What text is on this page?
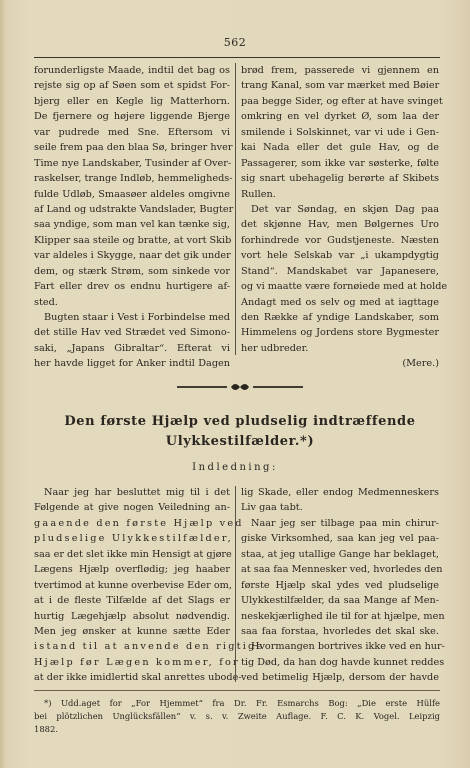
562
forunderligste Maade, indtil det bag os
rejste sig op af Søen som et spidst For-
bjerg eller en Kegle lig Matterhorn.
De fjernere og højere liggende Bjerge
var pudrede med Sne. Eftersom vi
seile frem paa den blaa Sø, bringer hver
Time nye Landskaber, Tusinder af Over-
raskelser, trange Indløb, hemmeligheds-
fulde Udløb, Smaasøer aldeles omgivne
af Land og udstrakte Vandslader, Bugter
saa yndige, som man vel kan tænke sig,
Klipper saa steile og bratte, at vort Skib
var aldeles i Skygge, naar det gik under
dem, og stærk Strøm, som sinkede vor
Fart eller drev os endnu hurtigere af-
sted.
Bugten staar i Vest i Forbindelse med
det stille Hav ved Strædet ved Simono-
saki, „Japans Gibraltar“. Efterat vi
her havde ligget for Anker indtil Dagen
brød frem, passerede vi gjennem en
trang Kanal, som var mærket med Bøier
paa begge Sider, og efter at have svinget
omkring en vel dyrket Ø, som laa der
smilende i Solskinnet, var vi ude i Gen-
kai Nada eller det gule Hav, og de
Passagerer, som ikke var søsterke, følte
sig snart ubehagelig berørte af Skibets
Rullen.
Det var Søndag, en skjøn Dag paa
det skjønne Hav, men Bølgernes Uro
forhindrede vor Gudstjeneste. Næsten
vort hele Selskab var „i ukampdygtig
Stand“. Mandskabet var Japanesere,
og vi maatte være fornøiede med at holde
Andagt med os selv og med at iagttage
den Række af yndige Landskaber, som
Himmelens og Jordens store Bygmester
her udbreder.
(Mere.)
Den første Hjælp ved pludselig indtræffende
Ulykkestilfælder.*)
Indledning:
Naar jeg har besluttet mig til i det
Følgende at give nogen Veiledning an-
gaaende den første Hjælp ved
pludselige Ulykkestilfælder,
saa er det slet ikke min Hensigt at gjøre
Lægens Hjælp overflødig; jeg haaber
tvertimod at kunne overbevise Eder om,
at i de fleste Tilfælde af det Slags er
hurtig Lægehjælp absolut nødvendig.
Men jeg ønsker at kunne sætte Eder
istand til at anvende den rigtige
Hjælp før Lægen kommer, for
at der ikke imidlertid skal anrettes ubode-
lig Skade, eller endog Medmenneskers
Liv gaa tabt.
Naar jeg ser tilbage paa min chirur-
giske Virksomhed, saa kan jeg vel paa-
staa, at jeg utallige Gange har beklaget,
at saa faa Mennesker ved, hvorledes den
første Hjælp skal ydes ved pludselige
Ulykkestilfælder, da saa Mange af Men-
neskekjærlighed ile til for at hjælpe, men
saa faa forstaa, hvorledes det skal ske.
Hvormangen bortrives ikke ved en hur-
tig Død, da han dog havde kunnet reddes
ved betimelig Hjælp, dersom der havde
*) Udd.aget for „For Hjemmet“ fra Dr. Fr. Esmarchs Bog: „Die erste Hülfe
bei plötzlichen Unglücksfällen“ v. s. v. Zweite Auflage. F. C. K. Vogel. Leipzig
1882.
